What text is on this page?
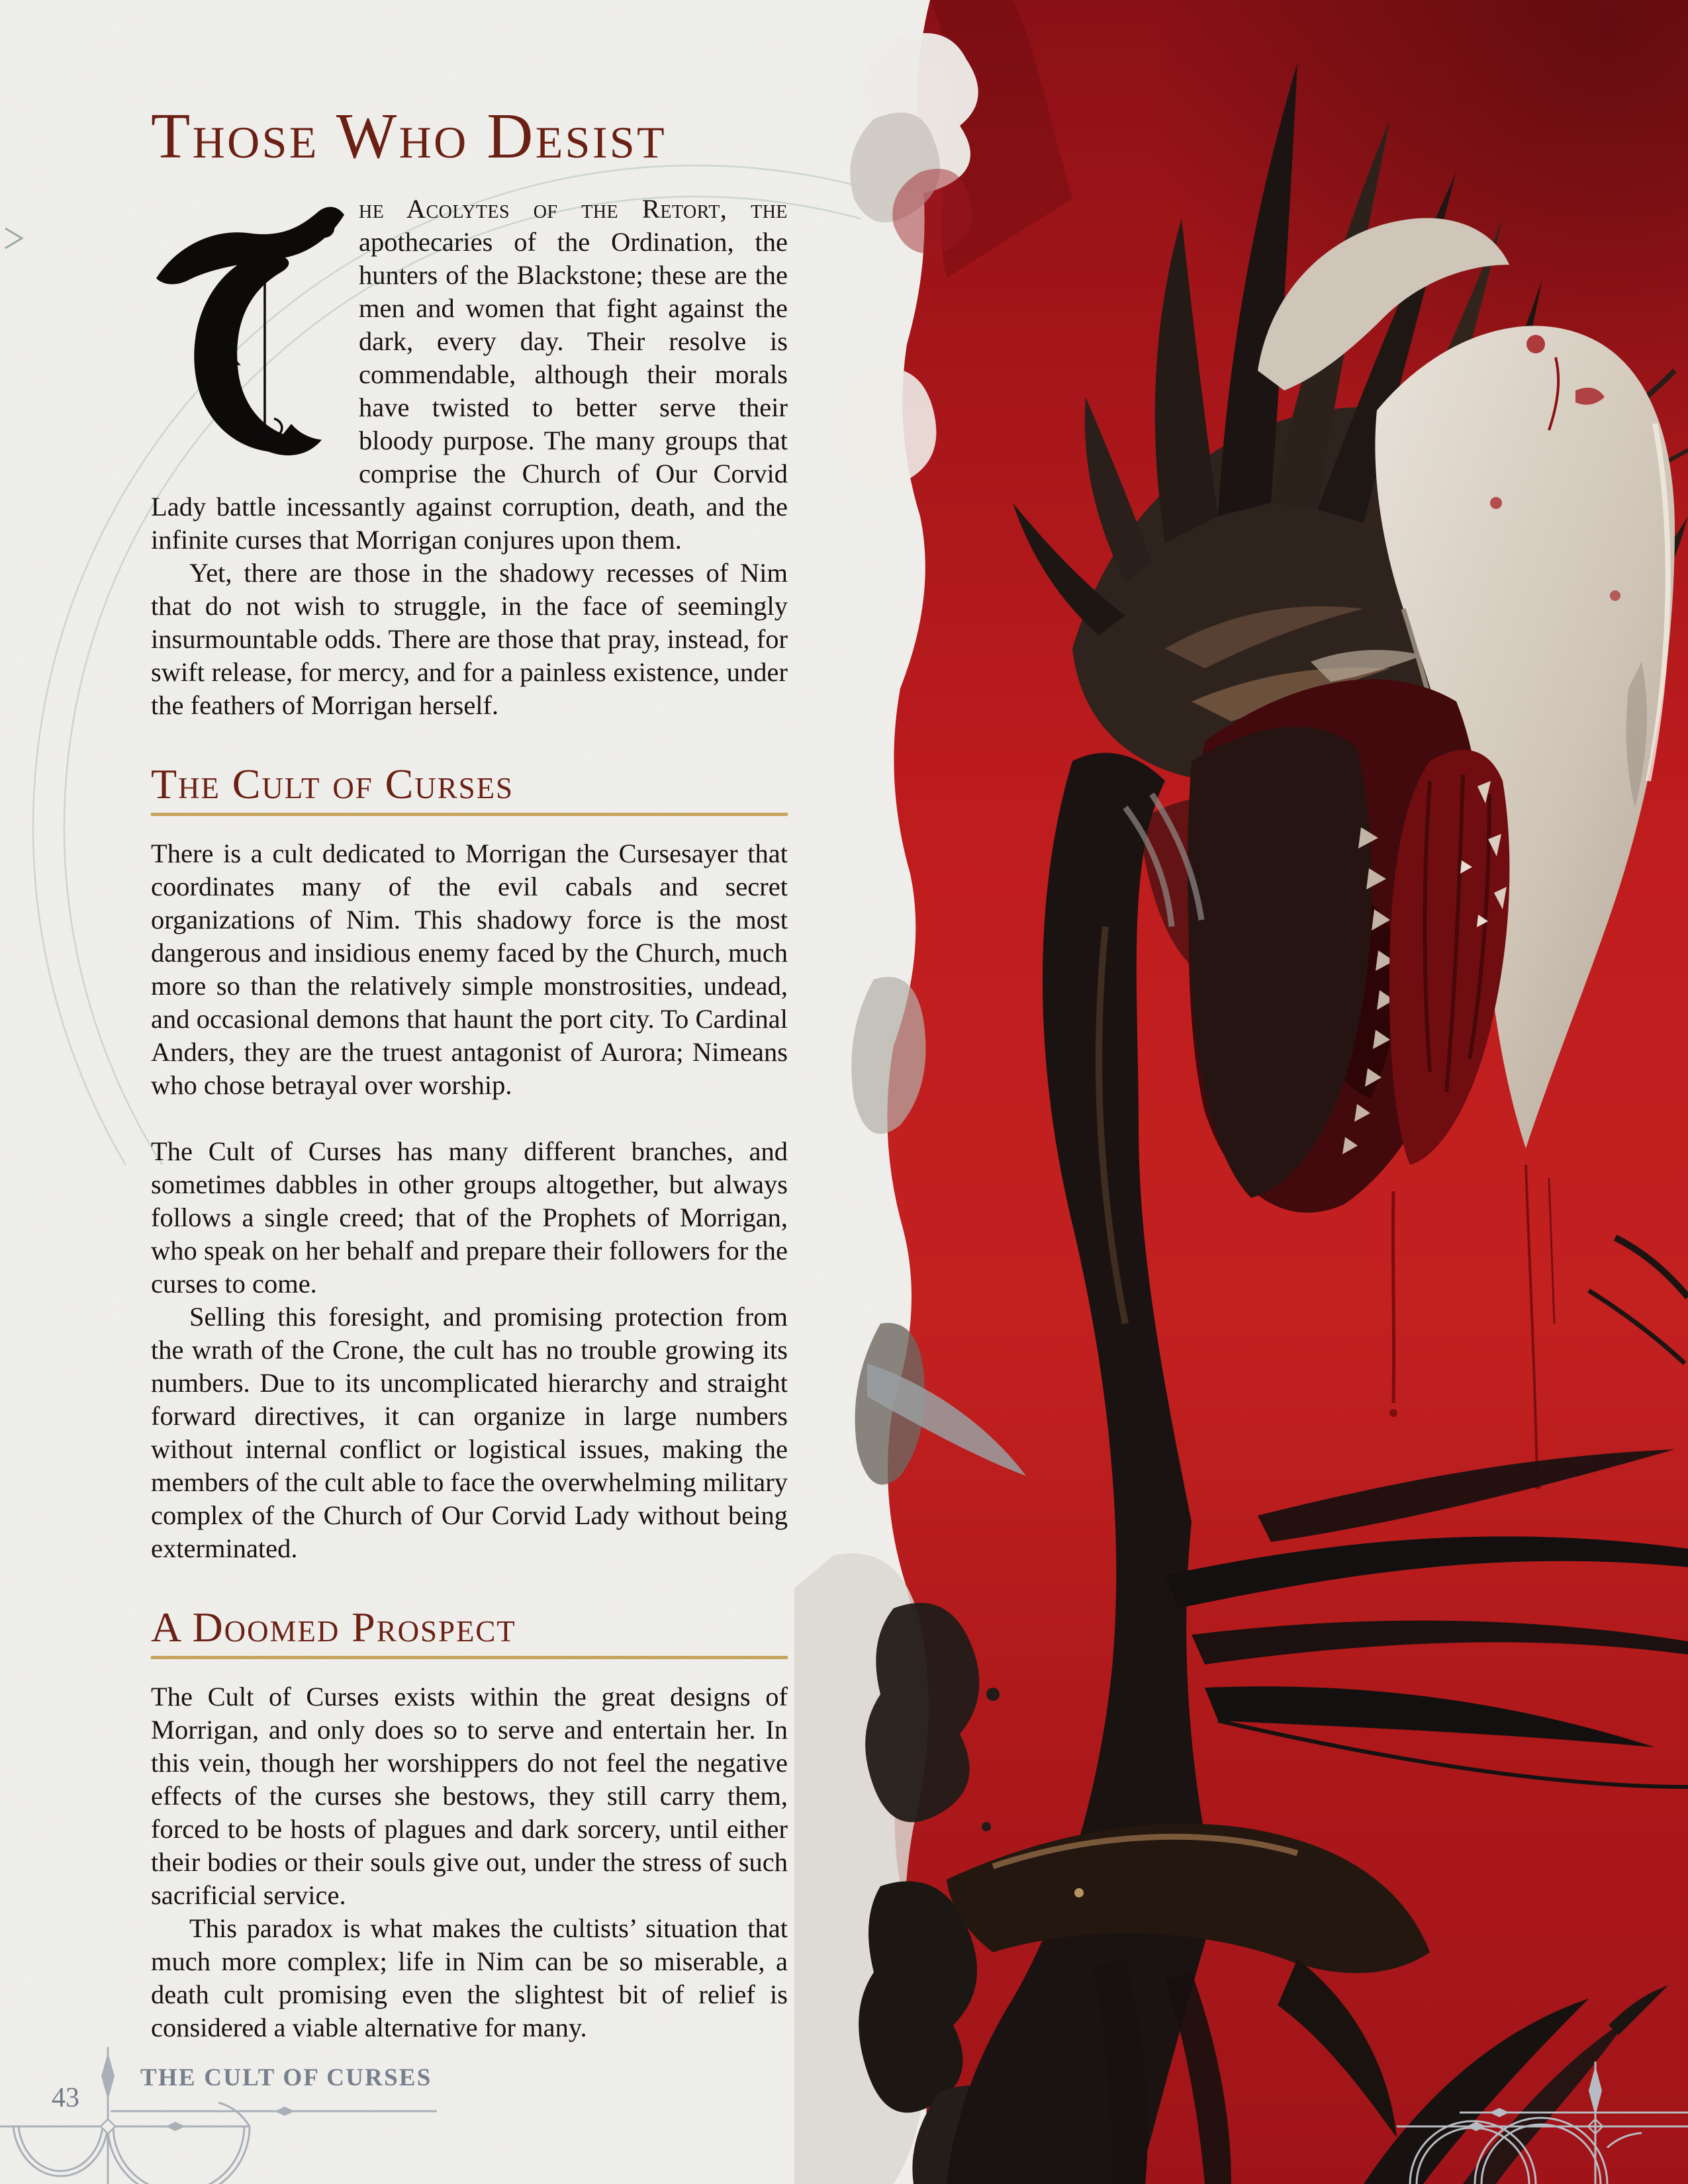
Those Who Desist

he Acolytes of the Retort, the apothecaries of the Ordination, the hunters of the Blackstone; these are the men and women that fight against the dark, every day. Their resolve is commendable, although their morals have twisted to better serve their bloody purpose. The many groups that comprise the Church of Our Corvid Lady battle incessantly against corruption, death, and the infinite curses that Morrigan conjures upon them.

Yet, there are those in the shadowy recesses of Nim that do not wish to struggle, in the face of seemingly insurmountable odds. There are those that pray, instead, for swift release, for mercy, and for a painless existence, under the feathers of Morrigan herself.

The Cult of Curses

There is a cult dedicated to Morrigan the Cursesayer that coordinates many of the evil cabals and secret organizations of Nim. This shadowy force is the most dangerous and insidious enemy faced by the Church, much more so than the relatively simple monstrosities, undead, and occasional demons that haunt the port city. To Cardinal Anders, they are the truest antagonist of Aurora; Nimeans who chose betrayal over worship.

The Cult of Curses has many different branches, and sometimes dabbles in other groups altogether, but always follows a single creed; that of the Prophets of Morrigan, who speak on her behalf and prepare their followers for the curses to come.

Selling this foresight, and promising protection from the wrath of the Crone, the cult has no trouble growing its numbers. Due to its uncomplicated hierarchy and straight forward directives, it can organize in large numbers without internal conflict or logistical issues, making the members of the cult able to face the overwhelming military complex of the Church of Our Corvid Lady without being exterminated.

A Doomed Prospect

The Cult of Curses exists within the great designs of Morrigan, and only does so to serve and entertain her. In this vein, though her worshippers do not feel the negative effects of the curses she bestows, they still carry them, forced to be hosts of plagues and dark sorcery, until either their bodies or their souls give out, under the stress of such sacrificial service.

This paradox is what makes the cultists’ situation that much more complex; life in Nim can be so miserable, a death cult promising even the slightest bit of relief is considered a viable alternative for many.

43
THE CULT OF CURSES
